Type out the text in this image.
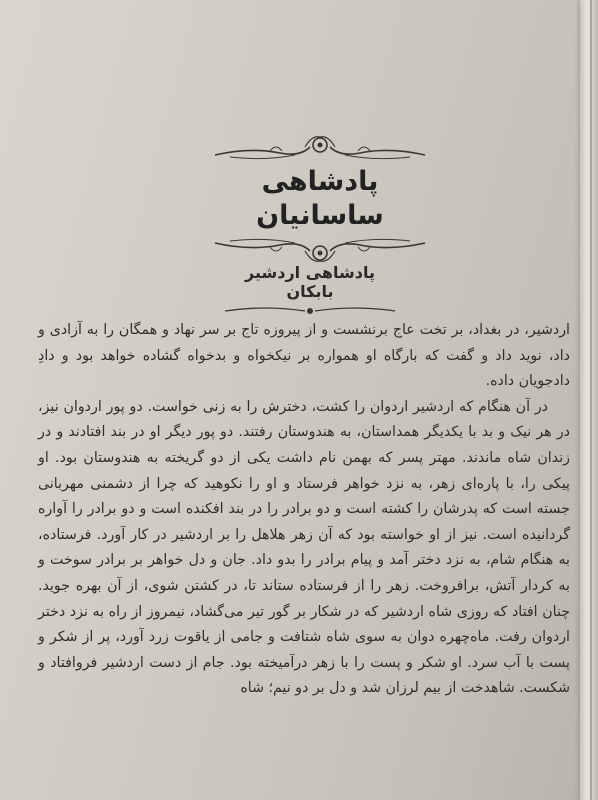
پادشاهی ساسانیان
پادشاهی اردشیر بابکان

اردشیر، در بغداد، بر تخت عاج برنشست و از پیروزه تاج بر سر نهاد و همگان را به آزادی و داد، نوید داد و گفت که بارگاه او همواره بر نیکخواه و بدخواه گشاده خواهد بود و دادِ دادجویان داده.

در آن هنگام که اردشیر اردوان را کشت، دخترش را به زنی خواست. دو پور اردوان نیز، در هر نیک و بد با یکدیگر همداستان، به هندوستان رفتند. دو پور دیگر او در بند افتادند و در زندان شاه ماندند. مهتر پسر که بهمن نام داشت یکی از دو گریخته به هندوستان بود. او پیکی را، با پاره‌ای زهر، به نزد خواهر فرستاد و او را نکوهید که چرا از دشمنی مهربانی جسته است که پدرشان را کشته است و دو برادر را در بند افکنده است و دو برادر را آواره گردانیده است. نیز از او خواسته بود که آن زهر هلاهل را بر اردشیر در کار آورد. فرستاده، به هنگام شام، به نزد دختر آمد و پیام برادر را بدو داد. جان و دل خواهر بر برادر سوخت و به کردار آتش، برافروخت. زهر را از فرستاده ستاند تا، در کشتن شوی، از آن بهره جوید. چنان افتاد که روزی شاه اردشیر که در شکار بر گور تیر می‌گشاد، نیمروز از راه به نزد دختر اردوان رفت. ماه‌چهره دوان به سوی شاه شتافت و جامی از یاقوت زرد آورد، پر از شکر و پست با آب سرد. او شکر و پست را با زهر درآمیخته بود. جام از دست اردشیر فروافتاد و شکست. شاهدخت از بیم لرزان شد و دل بر دو نیم؛ شاه
